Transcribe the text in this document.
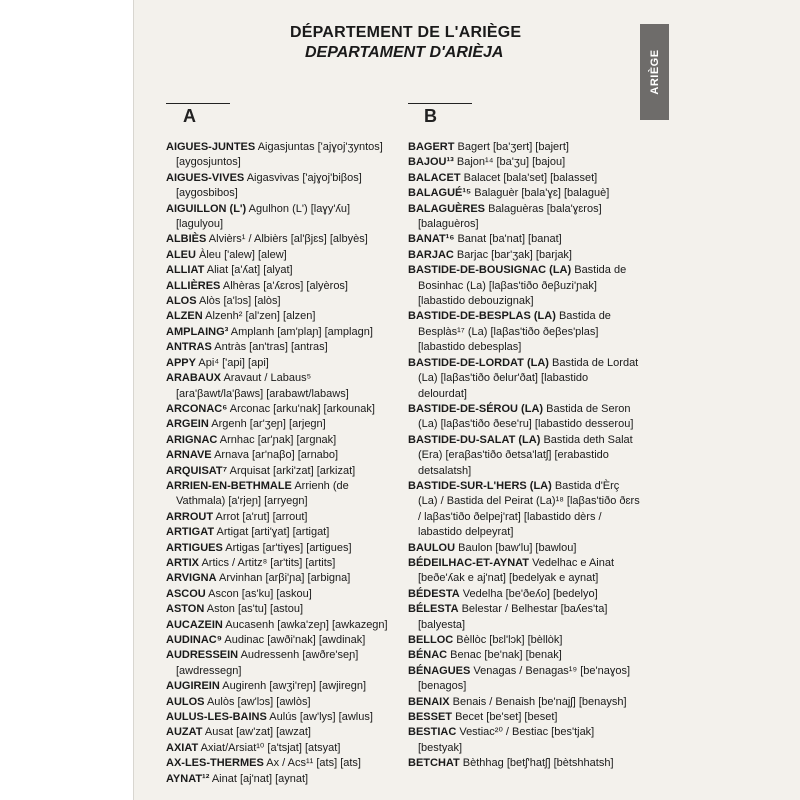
DÉPARTEMENT DE L'ARIÈGE
DEPARTAMENT D'ARIÈJA	ARIÈGE
A	B
AIGUES-JUNTES Aigasjuntas ['ajɣoj'ʒyntos] [aygosjuntos]
AIGUES-VIVES Aigasvivas ['ajɣoj'biβos] [aygosbibos]
AIGUILLON (L') Agulhon (L') [laɣy'ʎu] [lagulyou]
ALBIÈS Alvièrs¹ / Albièrs [al'βjɛs] [albyès]
ALEU Àleu ['alew] [alew]
ALLIAT Aliat [a'ʎat] [alyat]
ALLIÈRES Alhèras [a'ʎɛros] [alyèros]
ALOS Alòs [a'lɔs] [alòs]
ALZEN Alzenh² [al'zen] [alzen]
AMPLAING³ Amplanh [am'plaɲ] [amplagn]
ANTRAS Antràs [an'tras] [antras]
APPY Api⁴ ['api] [api]
ARABAUX Aravaut / Labaus⁵ [ara'βawt/la'βaws] [arabawt/labaws]
ARCONAC⁶ Arconac [arku'nak] [arkounak]
ARGEIN Argenh [ar'ʒeɲ] [arjegn]
ARIGNAC Arnhac [ar'ɲak] [argnak]
ARNAVE Arnava [ar'naβo] [arnabo]
ARQUISAT⁷ Arquisat [arki'zat] [arkizat]
ARRIEN-EN-BETHMALE Arrienh (de Vathmala) [a'rjeɲ] [arryegn]
ARROUT Arrot [a'rut] [arrout]
ARTIGAT Artigat [arti'ɣat] [artigat]
ARTIGUES Artigas [ar'tiɣes] [artigues]
ARTIX Artics / Artitz⁸ [ar'tits] [artits]
ARVIGNA Arvinhan [arβi'ɲa] [arbigna]
ASCOU Ascon [as'ku] [askou]
ASTON Aston [as'tu] [astou]
AUCAZEIN Aucasenh [awka'zeɲ] [awkazegn]
AUDINAC⁹ Audinac [awði'nak] [awdinak]
AUDRESSEIN Audressenh [awðre'seɲ] [awdressegn]
AUGIREIN Augirenh [awʒi'reɲ] [awjiregn]
AULOS Aulòs [aw'lɔs] [awlòs]
AULUS-LES-BAINS Aulús [aw'lys] [awlus]
AUZAT Ausat [aw'zat] [awzat]
AXIAT Axiat/Arsiat¹⁰ [a'tsjat] [atsyat]
AX-LES-THERMES Ax / Acs¹¹ [ats] [ats]
AYNAT¹² Ainat [aj'nat] [aynat]
BAGERT Bagert [ba'ʒert] [bajert]
BAJOU¹³ Bajon¹⁴ [ba'ʒu] [bajou]
BALACET Balacet [bala'set] [balasset]
BALAGUÉ¹⁵ Balaguèr [bala'ɣɛ] [balaguè]
BALAGUÈRES Balaguèras [bala'ɣɛros] [balaguèros]
BANAT¹⁶ Banat [ba'nat] [banat]
BARJAC Barjac [bar'ʒak] [barjak]
BASTIDE-DE-BOUSIGNAC (LA) Bastida de Bosinhac (La) [laβas'tiðo ðeβuzi'ɲak] [labastido debouzignak]
BASTIDE-DE-BESPLAS (LA) Bastida de Besplàs¹⁷ (La) [laβas'tiðo ðeβes'plas] [labastido debesplas]
BASTIDE-DE-LORDAT (LA) Bastida de Lordat (La) [laβas'tiðo ðelur'ðat] [labastido delourdat]
BASTIDE-DE-SÉROU (LA) Bastida de Seron (La) [laβas'tiðo ðese'ru] [labastido desserou]
BASTIDE-DU-SALAT (LA) Bastida deth Salat (Era) [eraβas'tiðo ðetsa'latʃ] [erabastido detsalatsh]
BASTIDE-SUR-L'HERS (LA) Bastida d'Èrç (La) / Bastida del Peirat (La)¹⁸ [laβas'tiðo ðɛrs / laβas'tiðo ðelpej'rat] [labastido dèrs / labastido delpeyrat]
BAULOU Baulon [baw'lu] [bawlou]
BÉDEILHAC-ET-AYNAT Vedelhac e Ainat [beðe'ʎak e aj'nat] [bedelyak e aynat]
BÉDESTA Vedelha [be'ðeʎo] [bedelyo]
BÉLESTA Belestar / Belhestar [baʎes'ta] [balyesta]
BELLOC Bèllòc [bɛl'lɔk] [bèllòk]
BÉNAC Benac [be'nak] [benak]
BÉNAGUES Venagas / Benagas¹⁹ [be'naɣos] [benagos]
BENAIX Benais / Benaish [be'najʃ] [benaysh]
BESSET Becet [be'set] [beset]
BESTIAC Vestiac²⁰ / Bestiac [bes'tjak] [bestyak]
BETCHAT Bèthhag [betʃ'hatʃ] [bètshhatsh]
